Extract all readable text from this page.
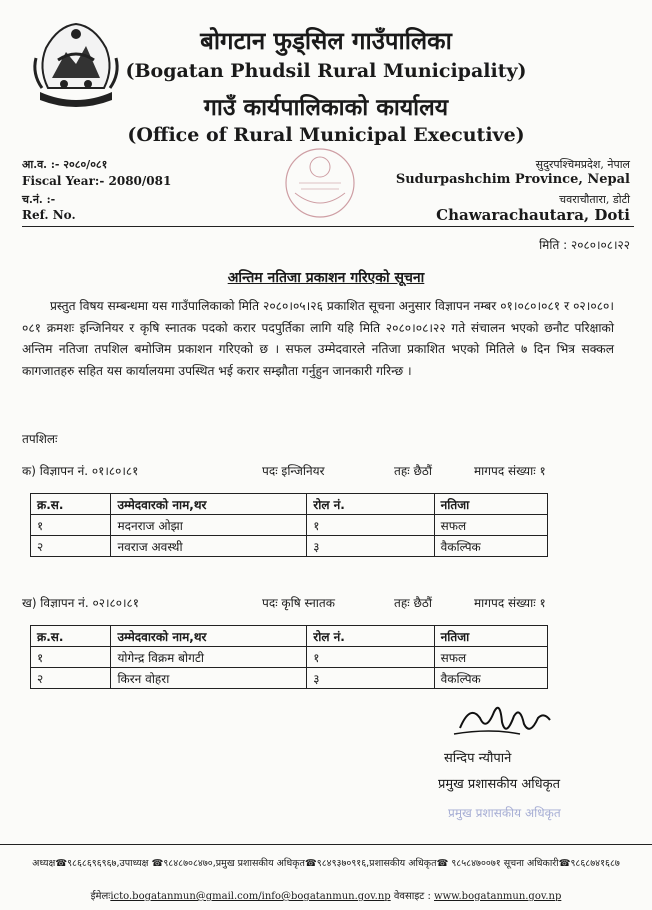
बोगटान फुड्सिल गाउँपालिका
(Bogatan Phudsil Rural Municipality)
गाउँ कार्यपालिकाको कार्यालय
(Office of Rural Municipal Executive)
आ.व. :- २०८०/०८१
Fiscal Year:- 2080/081
च.नं. :-
Ref. No.
सुदुरपश्चिमप्रदेश, नेपाल
Sudurpashchim Province, Nepal
चवराचौतारा, डोटी
Chawarachautara, Doti
मिति : २०८०।०८।२२
अन्तिम नतिजा प्रकाशन गरिएको सूचना
प्रस्तुत विषय सम्बन्धमा यस गाउँपालिकाको मिति २०८०।०५।२६ प्रकाशित सूचना अनुसार विज्ञापन नम्बर ०१।०८०।०८१ र ०२।०८०।०८१ क्रमशः इन्जिनियर र कृषि स्नातक पदको करार पदपुर्तिका लागि यहि मिति २०८०।०८।२२ गते संचालन भएको छनौट परिक्षाको अन्तिम नतिजा तपशिल बमोजिम प्रकाशन गरिएको छ । सफल उम्मेदवारले नतिजा प्रकाशित भएको मितिले ७ दिन भित्र सक्कल कागजातहरु सहित यस कार्यालयमा उपस्थित भई करार सम्झौता गर्नुहुन जानकारी गरिन्छ ।
तपशिलः
क) विज्ञापन नं. ०१।८०।८१	पदः इन्जिनियर	तहः छैठौं	मागपद संख्याः १
क्र.स.	उम्मेदवारको नाम,थर	रोल नं.	नतिजा
१	मदनराज ओझा	१	सफल
२	नवराज अवस्थी	३	वैकल्पिक
ख) विज्ञापन नं. ०२।८०।८१	पदः कृषि स्नातक	तहः छैठौं	मागपद संख्याः १
क्र.स.	उम्मेदवारको नाम,थर	रोल नं.	नतिजा
१	योगेन्द्र विक्रम बोगटी	१	सफल
२	किरन वोहरा	३	वैकल्पिक
सन्दिप न्यौपाने
प्रमुख प्रशासकीय अधिकृत
प्रमुख प्रशासकीय अधिकृत
अध्यक्ष☎९८६८६९६९६७,उपाध्यक्ष ☎९८४८७०८४७०,प्रमुख प्रशासकीय अधिकृत☎९८४९३७०९१६,प्रशासकीय अधिकृत☎ ९८५८४७००७१ सूचना अधिकारी☎९८६८७४१६८७
ईमेलःicto.bogatanmun@gmail.com/info@bogatanmun.gov.np वेवसाइट : www.bogatanmun.gov.np
